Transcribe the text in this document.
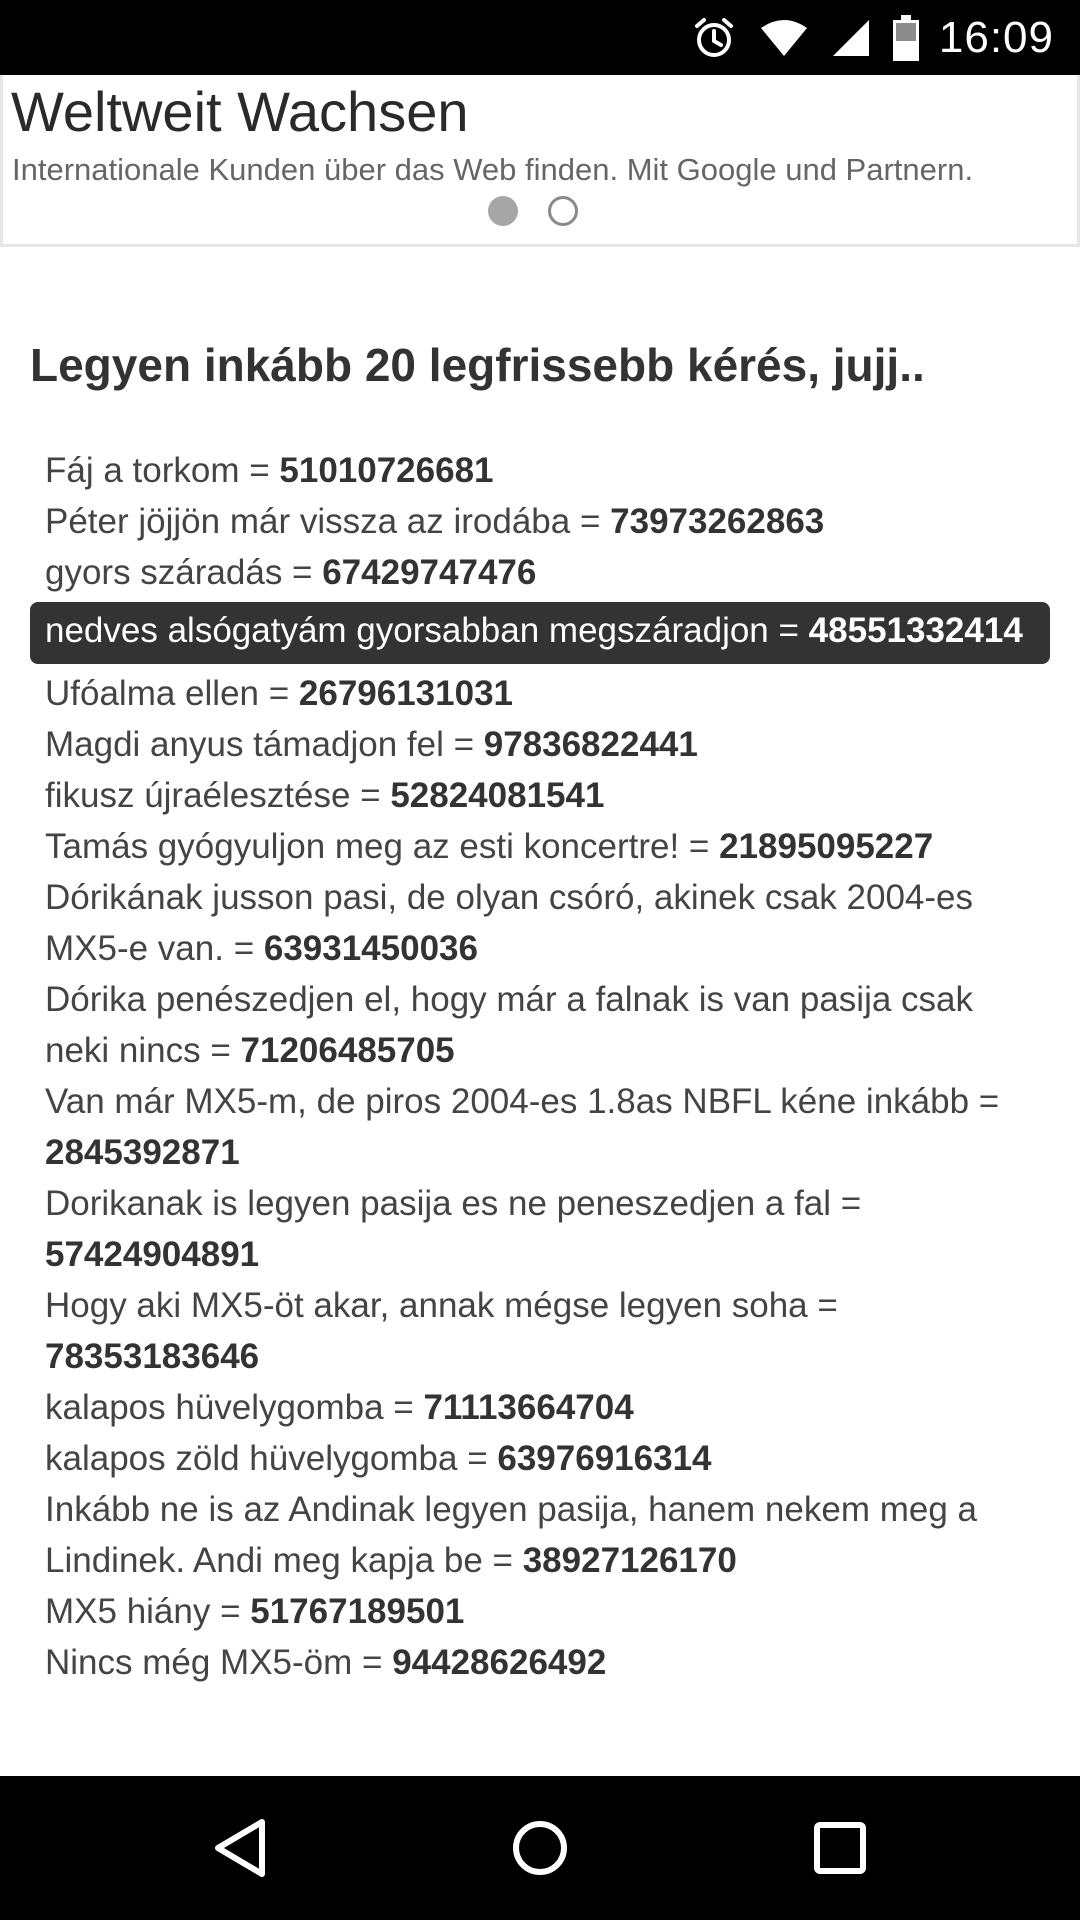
16:09
Weltweit Wachsen
Internationale Kunden über das Web finden. Mit Google und Partnern.
Legyen inkább 20 legfrissebb kérés, jujj..
Fáj a torkom = 51010726681
Péter jöjjön már vissza az irodába = 73973262863
gyors száradás = 67429747476
nedves alsógatyám gyorsabban megszáradjon = 48551332414
Ufóalma ellen = 26796131031
Magdi anyus támadjon fel = 97836822441
fikusz újraélesztése = 52824081541
Tamás gyógyuljon meg az esti koncertre! = 21895095227
Dórikának jusson pasi, de olyan csóró, akinek csak 2004-es MX5-e van. = 63931450036
Dórika penészedjen el, hogy már a falnak is van pasija csak neki nincs = 71206485705
Van már MX5-m, de piros 2004-es 1.8as NBFL kéne inkább = 2845392871
Dorikanak is legyen pasija es ne peneszedjen a fal = 57424904891
Hogy aki MX5-öt akar, annak mégse legyen soha = 78353183646
kalapos hüvelygomba = 71113664704
kalapos zöld hüvelygomba = 63976916314
Inkább ne is az Andinak legyen pasija, hanem nekem meg a Lindinek. Andi meg kapja be = 38927126170
MX5 hiány = 51767189501
Nincs még MX5-öm = 94428626492
